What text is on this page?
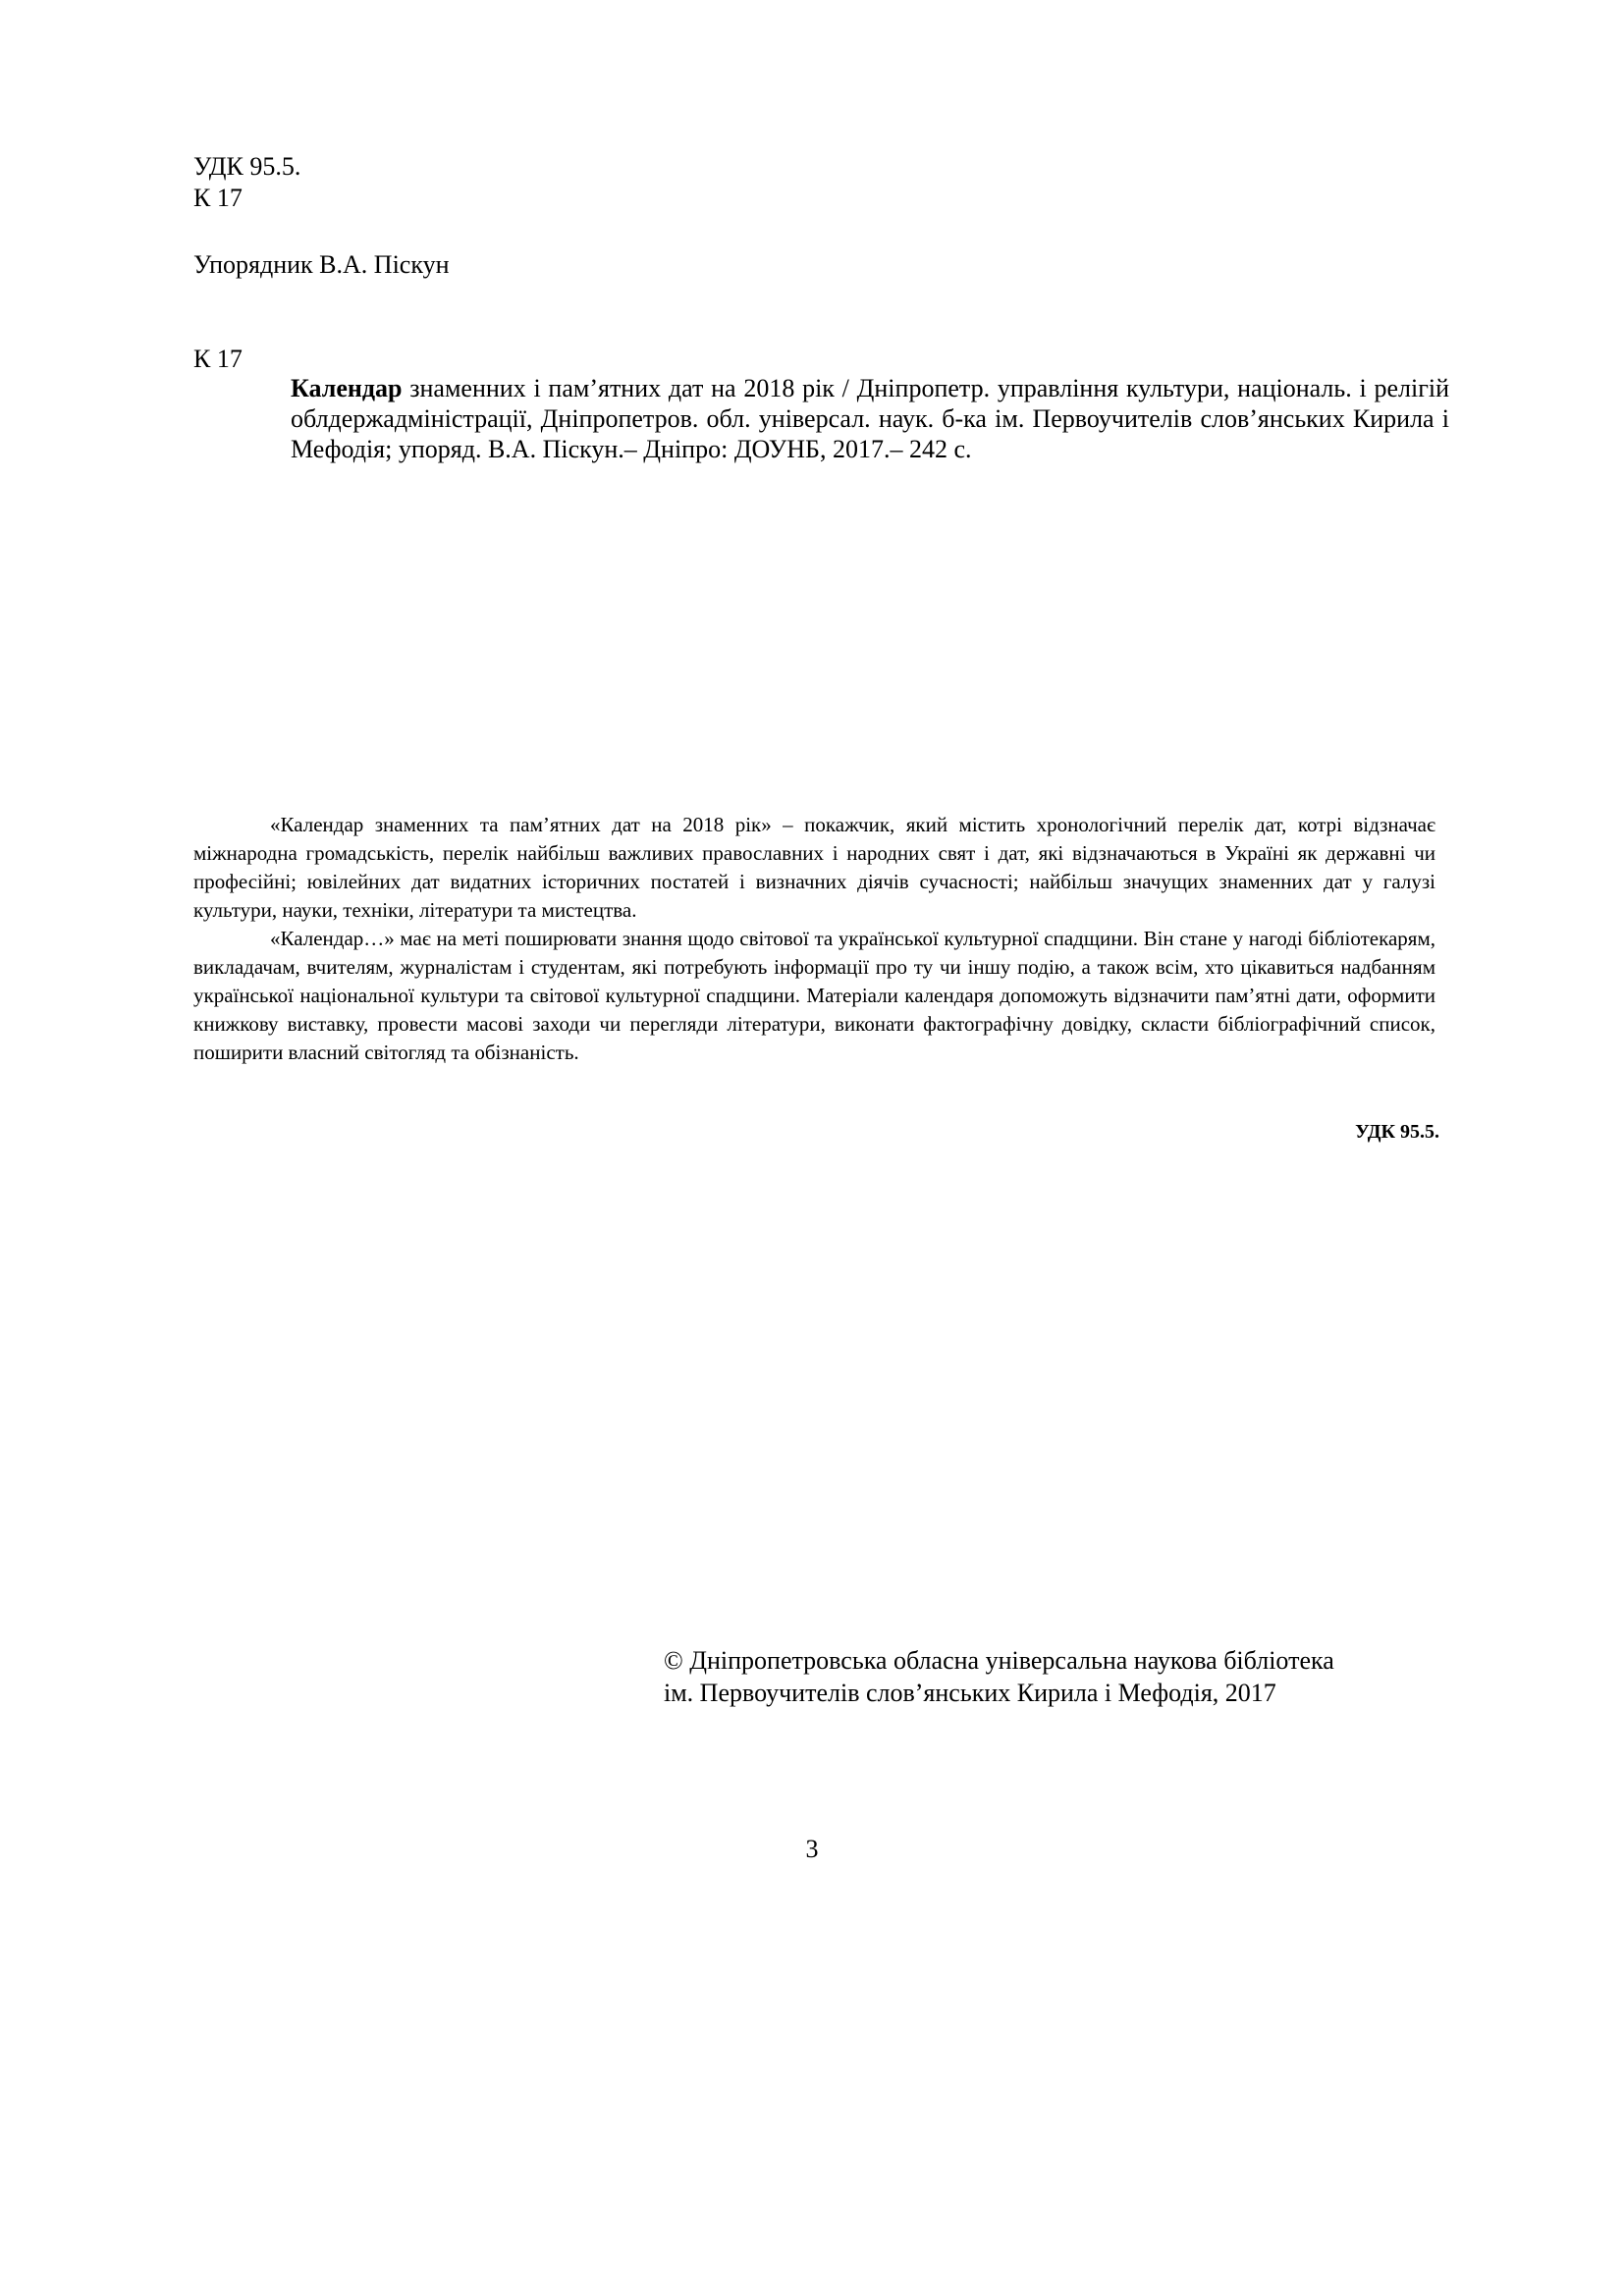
УДК 95.5.
К 17
Упорядник В.А. Піскун
К 17
Календар знаменних і пам’ятних дат на 2018 рік / Дніпропетр. управління культури, національ. і релігій облдержадміністрації, Дніпропетров. обл. універсал. наук. б-ка ім. Первоучителів слов’янських Кирила і Мефодія; упоряд. В.А. Піскун.– Дніпро: ДОУНБ, 2017.– 242 с.

«Календар знаменних та пам’ятних дат на 2018 рік» – покажчик, який містить хронологічний перелік дат, котрі відзначає міжнародна громадськість, перелік найбільш важливих православних і народних свят і дат, які відзначаються в Україні як державні чи професійні; ювілейних дат видатних історичних постатей і визначних діячів сучасності; найбільш значущих знаменних дат у галузі культури, науки, техніки, літератури та мистецтва.

«Календар…» має на меті поширювати знання щодо світової та української культурної спадщини. Він стане у нагоді бібліотекарям, викладачам, вчителям, журналістам і студентам, які потребують інформації про ту чи іншу подію, а також всім, хто цікавиться надбанням української національної культури та світової культурної спадщини. Матеріали календаря допоможуть відзначити пам’ятні дати, оформити книжкову виставку, провести масові заходи чи перегляди літератури, виконати фактографічну довідку, скласти бібліографічний список, поширити власний світогляд та обізнаність.

УДК 95.5.
© Дніпропетровська обласна універсальна наукова бібліотека
ім. Первоучителів слов’янських Кирила і Мефодія, 2017
3
